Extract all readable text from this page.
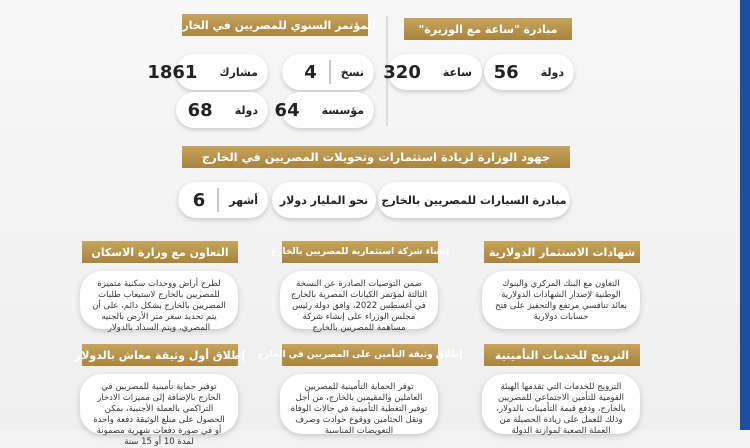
المؤتمر السنوي للمصريين في الخارج
مشارك
1861	نسخ
4
دولة
68	مؤسسة
64
مبادرة "ساعة مع الوزيرة"
ساعة
320	دولة
56
جهود الوزارة لزيادة استثمارات وتحويلات المصريين في الخارج
مبادرة السيارات للمصريين بالخارج
نحو المليار دولار
أشهر
6
شهادات الاستثمار الدولارية
التعاون مع البنك المركزي والبنوك الوطنية لإصدار الشهادات الدولارية بعائد تنافسي مرتفع والتحفيز على فتح حسابات دولارية
إنشاء شركة استثمارية للمصريين بالخارج
ضمن التوصيات الصادرة عن النسخة الثالثة لمؤتمر الكيانات المصرية بالخارج في أغسطس 2022، وافق دولة رئيس مجلس الوزراء على إنشاء شركة مساهمة للمصريين بالخارج
التعاون مع وزارة الاسكان
لطرح أراض ووحدات سكنية متميزة للمصريين بالخارج لاستيعاب طلبات المصريين بالخارج بشكل دائم، على أن يتم تحديد سعر متر الأرض بالجنيه المصري، ويتم السداد بالدولار
الترويج للخدمات التأمينية
الترويج للخدمات التي تقدمها الهيئة القومية للتأمين الاجتماعي للمصريين بالخارج، ودفع قيمة التأمينات بالدولار، وذلك للعمل على زيادة الحصيلة من العملة الصعبة لموازنة الدولة
إطلاق وثيقة التأمين على المصريين في الخارج
توفر الحماية التأمينية للمصريين العاملين والمقيمين بالخارج، من أجل توفير التغطية التأمينية في حالات الوفاة ونقل الجثامين ووقوع حوادث وصرف التعويضات المناسبة
إطلاق أول وثيقة معاش بالدولار
توفير حماية تأمينية للمصريين في الخارج بالإضافة إلى مميزات الادخار التراكمي بالعملة الأجنبية، بمكن الحصول على مبلغ الوثيقة دفعة واحدة أو في صورة دفعات شهرية مضمونة لمدة 10 أو 15 سنة
